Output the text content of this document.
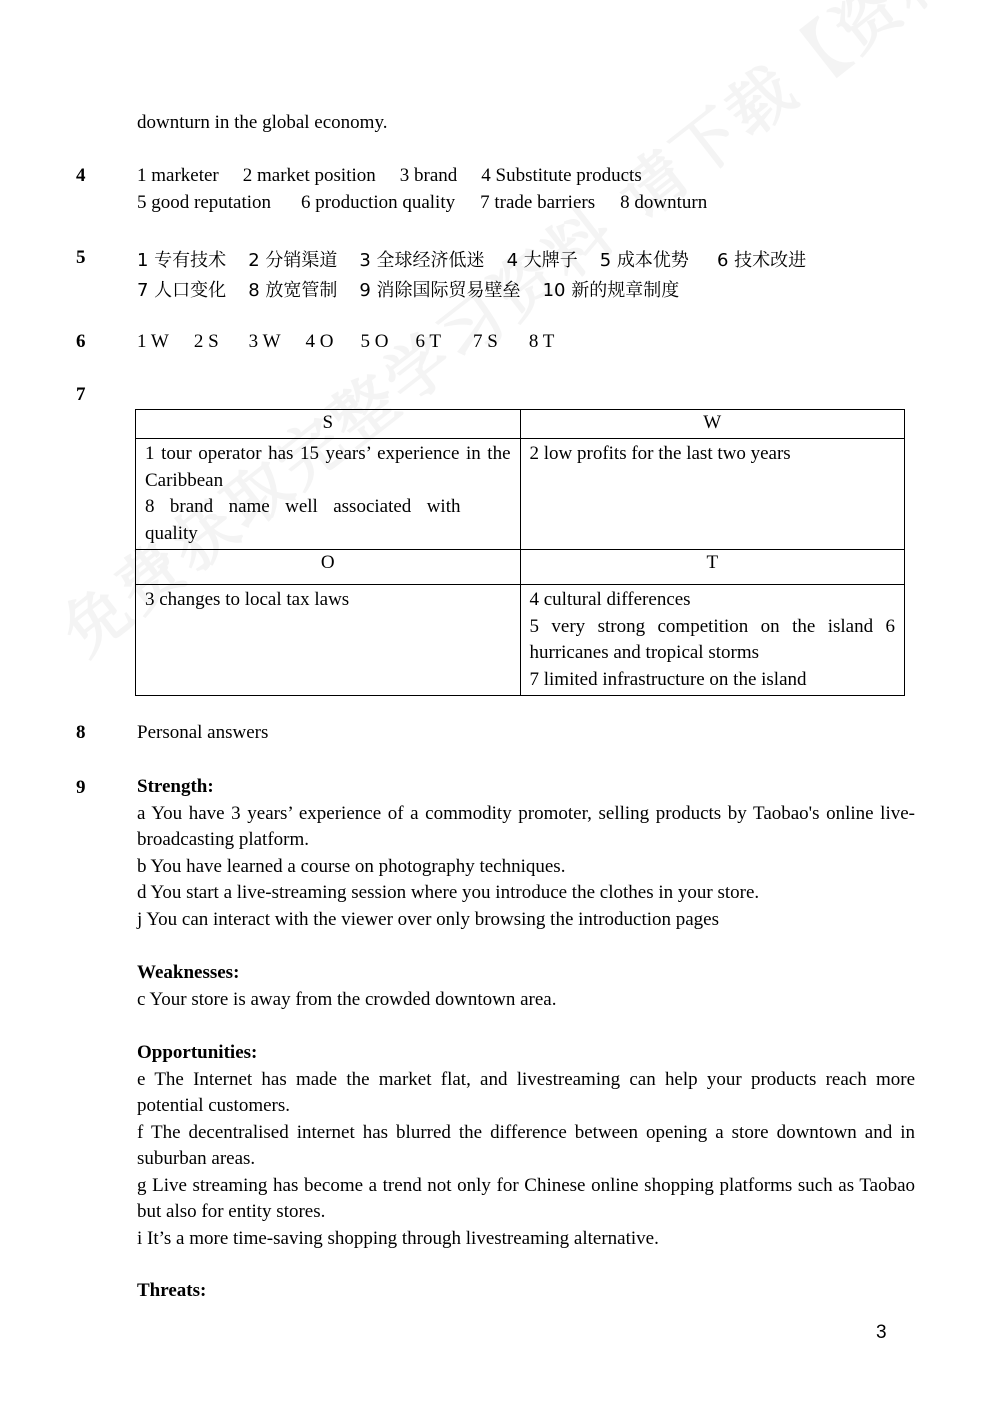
downturn in the global economy.
4	1 marketer 2 market position 3 brand 4 Substitute products
5 good reputation 6 production quality 7 trade barriers 8 downturn
5	1 专有技术 2 分销渠道 3 全球经济低迷 4 大牌子 5 成本优势 6 技术改进
7 人口变化 8 放宽管制 9 消除国际贸易壁垒 10 新的规章制度
6	1 W 2 S 3 W 4 O 5 O 6 T 7 S 8 T
7
S	W

1 tour operator has 15 years’ experience in the Caribbean
8 brand name well associated with quality	2 low profits for the last two years

O	T

3 changes to local tax laws	4 cultural differences
5 very strong competition on the island 6 hurricanes and tropical storms
7 limited infrastructure on the island
8	Personal answers
9	Strength:

a You have 3 years’ experience of a commodity promoter, selling products by Taobao's online live-broadcasting platform.

b You have learned a course on photography techniques.

d You start a live-streaming session where you introduce the clothes in your store.

j You can interact with the viewer over only browsing the introduction pages

Weaknesses:

c Your store is away from the crowded downtown area.

Opportunities:

e The Internet has made the market flat, and livestreaming can help your products reach more potential customers.

f The decentralised internet has blurred the difference between opening a store downtown and in suburban areas.

g Live streaming has become a trend not only for Chinese online shopping platforms such as Taobao but also for entity stores.

i It’s a more time-saving shopping through livestreaming alternative.

Threats:

3
